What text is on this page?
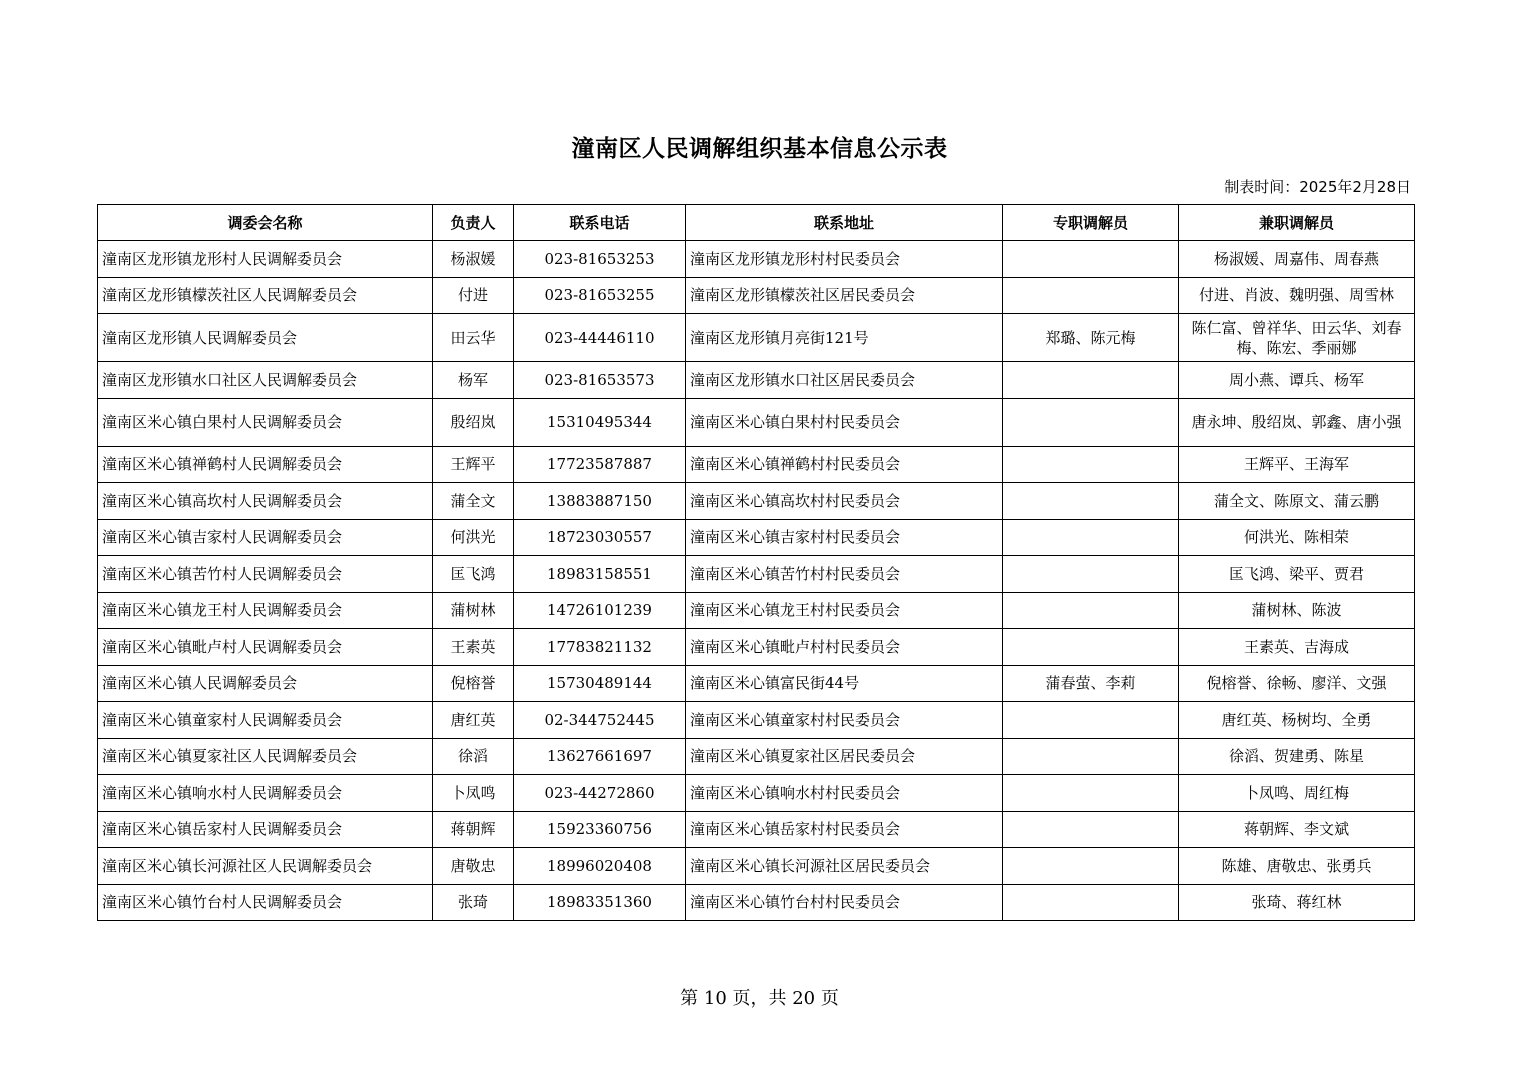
潼南区人民调解组织基本信息公示表
制表时间：2025年2月28日
调委会名称	负责人	联系电话	联系地址	专职调解员	兼职调解员
潼南区龙形镇龙形村人民调解委员会	杨淑媛	023-81653253	潼南区龙形镇龙形村村民委员会		杨淑媛、周嘉伟、周春燕
潼南区龙形镇檬茨社区人民调解委员会	付进	023-81653255	潼南区龙形镇檬茨社区居民委员会		付进、肖波、魏明强、周雪林
潼南区龙形镇人民调解委员会	田云华	023-44446110	潼南区龙形镇月亮街121号	郑璐、陈元梅	陈仁富、曾祥华、田云华、刘春梅、陈宏、季丽娜
潼南区龙形镇水口社区人民调解委员会	杨军	023-81653573	潼南区龙形镇水口社区居民委员会		周小燕、谭兵、杨军
潼南区米心镇白果村人民调解委员会	殷绍岚	15310495344	潼南区米心镇白果村村民委员会		唐永坤、殷绍岚、郭鑫、唐小强
潼南区米心镇禅鹤村人民调解委员会	王辉平	17723587887	潼南区米心镇禅鹤村村民委员会		王辉平、王海军
潼南区米心镇高坎村人民调解委员会	蒲全文	13883887150	潼南区米心镇高坎村村民委员会		蒲全文、陈原文、蒲云鹏
潼南区米心镇吉家村人民调解委员会	何洪光	18723030557	潼南区米心镇吉家村村民委员会		何洪光、陈相荣
潼南区米心镇苦竹村人民调解委员会	匡飞鸿	18983158551	潼南区米心镇苦竹村村民委员会		匡飞鸿、梁平、贾君
潼南区米心镇龙王村人民调解委员会	蒲树林	14726101239	潼南区米心镇龙王村村民委员会		蒲树林、陈波
潼南区米心镇毗卢村人民调解委员会	王素英	17783821132	潼南区米心镇毗卢村村民委员会		王素英、吉海成
潼南区米心镇人民调解委员会	倪榕誉	15730489144	潼南区米心镇富民街44号	蒲春萤、李莉	倪榕誉、徐畅、廖洋、文强
潼南区米心镇童家村人民调解委员会	唐红英	02-344752445	潼南区米心镇童家村村民委员会		唐红英、杨树均、全勇
潼南区米心镇夏家社区人民调解委员会	徐滔	13627661697	潼南区米心镇夏家社区居民委员会		徐滔、贺建勇、陈星
潼南区米心镇响水村人民调解委员会	卜凤鸣	023-44272860	潼南区米心镇响水村村民委员会		卜凤鸣、周红梅
潼南区米心镇岳家村人民调解委员会	蒋朝辉	15923360756	潼南区米心镇岳家村村民委员会		蒋朝辉、李文斌
潼南区米心镇长河源社区人民调解委员会	唐敬忠	18996020408	潼南区米心镇长河源社区居民委员会		陈雄、唐敬忠、张勇兵
潼南区米心镇竹台村人民调解委员会	张琦	18983351360	潼南区米心镇竹台村村民委员会		张琦、蒋红林
第 10 页，共 20 页
